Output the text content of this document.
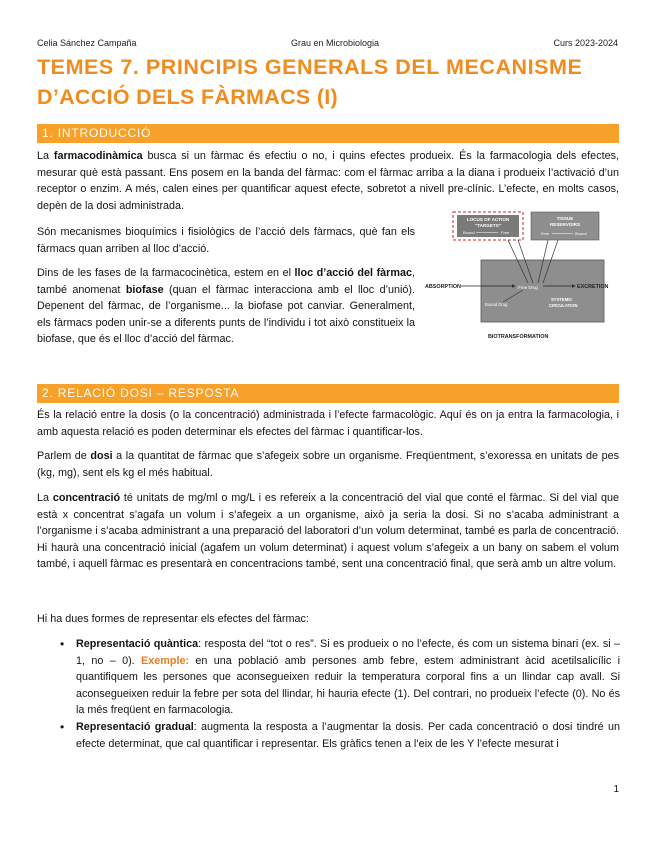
Celia Sánchez Campaña	Grau en Microbiologia	Curs 2023-2024
TEMES 7. PRINCIPIS GENERALS DEL MECANISME
D’ACCIÓ DELS FÀRMACS (I)
1. INTRODUCCIÓ

La farmacodinàmica busca si un fàrmac és efectiu o no, i quins efectes produeix. És la farmacologia dels efectes, mesurar què està passant. Ens posem en la banda del fàrmac: com el fàrmac arriba a la diana i produeix l’activació d’un receptor o enzim. A més, calen eines per quantificar aquest efecte, sobretot a nivell pre-clínic. L’efecte, en molts casos, depèn de la dosi administrada.

Són mecanismes bioquímics i fisiològics de l’acció dels fàrmacs, què fan els fàrmacs quan arriben al lloc d’acció.

Dins de les fases de la farmacocinètica, estem en el lloc d’acció del fàrmac, també anomenat biofase (quan el fàrmac interacciona amb el lloc d’unió). Depenent del fàrmac, de l’organisme... la biofase pot canviar. Generalment, els fàrmacs poden unir-se a diferents punts de l’individu i tot això constitueix la biofase, que és el lloc d’acció del fàrmac.

LOCUS OF ACTION
"TARGETS"
Bound	Free
TISSUE
RESERVOIRS
Free	Bound
ABSORPTION	Free Drug	EXCRETION
Bound Drug
SYSTEMIC
CIRCULATION
BIOTRANSFORMATION
2. RELACIÓ DOSI – RESPOSTA

És la relació entre la dosis (o la concentració) administrada i l’efecte farmacològic. Aquí és on ja entra la farmacologia, i amb aquesta relació es poden determinar els efectes del fàrmac i quantificar-los.

Parlem de dosi a la quantitat de fàrmac que s’afegeix sobre un organisme. Freqüentment, s’exoressa en unitats de pes (kg, mg), sent els kg el més habitual.

La concentració té unitats de mg/ml o mg/L i es refereix a la concentració del vial que conté el fàrmac. Si del vial que està x concentrat s’agafa un volum i s’afegeix a un organisme, això ja seria la dosi. Si no s’acaba administrant a l’organisme i s’acaba administrant a una preparació del laboratori d’un volum determinat, també es parla de concentració. Hi haurà una concentració inicial (agafem un volum determinat) i aquest volum s’afegeix a un bany on sabem el volum també, i aquell fàrmac es presentarà en concentracions també, sent una concentració final, que serà amb un altre volum.

Hi ha dues formes de representar els efectes del fàrmac:

• Representació quàntica: resposta del “tot o res”. Si es produeix o no l’efecte, és com un sistema binari (ex. si – 1, no – 0). Exemple: en una població amb persones amb febre, estem administrant àcid acetilsalicílic i quantifiquem les persones que aconsegueixen reduir la temperatura corporal fins a un llindar cap avall. Si aconsegueixen reduir la febre per sota del llindar, hi hauria efecte (1). Del contrari, no produeix l’efecte (0). No és la més freqüent en farmacologia.
• Representació gradual: augmenta la resposta a l’augmentar la dosis. Per cada concentració o dosi tindré un efecte determinat, que cal quantificar i representar. Els gràfics tenen a l’eix de les Y l’efecte mesurat i
1
